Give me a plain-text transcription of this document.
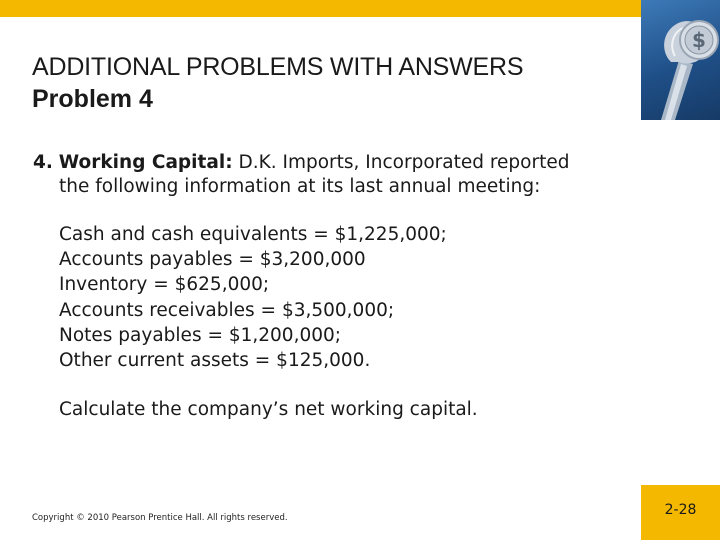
$
ADDITIONAL PROBLEMS WITH ANSWERS
Problem 4
4. Working Capital: D.K. Imports, Incorporated reported
the following information at its last annual meeting:
Cash and cash equivalents = $1,225,000;
Accounts payables = $3,200,000
Inventory = $625,000;
Accounts receivables = $3,500,000;
Notes payables = $1,200,000;
Other current assets = $125,000.
Calculate the company’s net working capital.
Copyright © 2010 Pearson Prentice Hall. All rights reserved.	2-28
